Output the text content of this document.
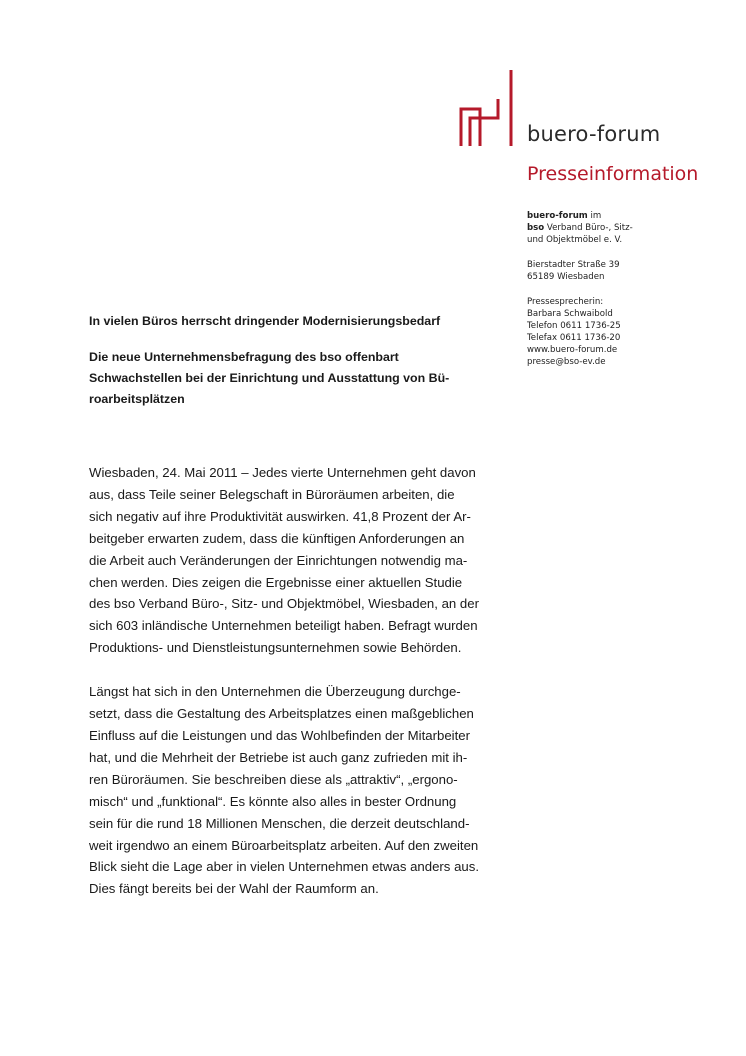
buero-forum
Presseinformation
buero-forum im
bso Verband Büro-, Sitz-
und Objektmöbel e. V.
Bierstadter Straße 39
65189 Wiesbaden
Pressesprecherin:
Barbara Schwaibold
Telefon 0611 1736-25
Telefax 0611 1736-20
www.buero-forum.de
presse@bso-ev.de
In vielen Büros herrscht dringender Modernisierungsbedarf
Die neue Unternehmensbefragung des bso offenbart
Schwachstellen bei der Einrichtung und Ausstattung von Bü-
roarbeitsplätzen

Wiesbaden, 24. Mai 2011 – Jedes vierte Unternehmen geht davon
aus, dass Teile seiner Belegschaft in Büroräumen arbeiten, die
sich negativ auf ihre Produktivität auswirken. 41,8 Prozent der Ar-
beitgeber erwarten zudem, dass die künftigen Anforderungen an
die Arbeit auch Veränderungen der Einrichtungen notwendig ma-
chen werden. Dies zeigen die Ergebnisse einer aktuellen Studie
des bso Verband Büro-, Sitz- und Objektmöbel, Wiesbaden, an der
sich 603 inländische Unternehmen beteiligt haben. Befragt wurden
Produktions- und Dienstleistungsunternehmen sowie Behörden.

Längst hat sich in den Unternehmen die Überzeugung durchge-
setzt, dass die Gestaltung des Arbeitsplatzes einen maßgeblichen
Einfluss auf die Leistungen und das Wohlbefinden der Mitarbeiter
hat, und die Mehrheit der Betriebe ist auch ganz zufrieden mit ih-
ren Büroräumen. Sie beschreiben diese als „attraktiv“, „ergono-
misch“ und „funktional“. Es könnte also alles in bester Ordnung
sein für die rund 18 Millionen Menschen, die derzeit deutschland-
weit irgendwo an einem Büroarbeitsplatz arbeiten. Auf den zweiten
Blick sieht die Lage aber in vielen Unternehmen etwas anders aus.
Dies fängt bereits bei der Wahl der Raumform an.
